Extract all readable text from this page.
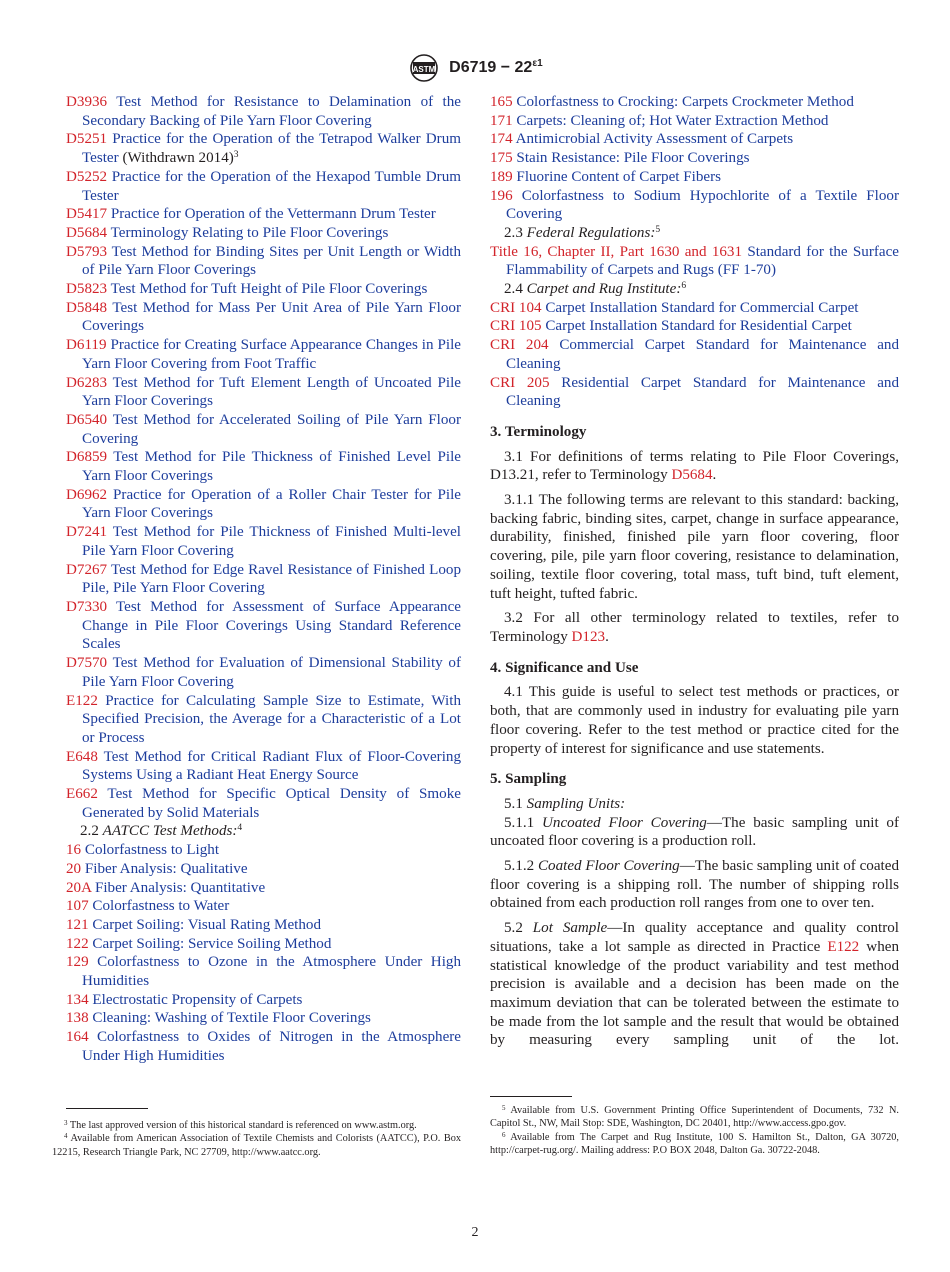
ASTM $D6719 - 22^{\varepsilon 1}$

D3936 Test Method for Resistance to Delamination of the Secondary Backing of Pile Yarn Floor Covering

D5251 Practice for the Operation of the Tetrapod Walker Drum Tester (Withdrawn 2014)$^3$

D5252 Practice for the Operation of the Hexapod Tumble Drum Tester

D5417 Practice for Operation of the Vettermann Drum Tester

D5684 Terminology Relating to Pile Floor Coverings

D5793 Test Method for Binding Sites per Unit Length or Width of Pile Yarn Floor Coverings

D5823 Test Method for Tuft Height of Pile Floor Coverings

D5848 Test Method for Mass Per Unit Area of Pile Yarn Floor Coverings

D6119 Practice for Creating Surface Appearance Changes in Pile Yarn Floor Covering from Foot Traffic

D6283 Test Method for Tuft Element Length of Uncoated Pile Yarn Floor Coverings

D6540 Test Method for Accelerated Soiling of Pile Yarn Floor Covering

D6859 Test Method for Pile Thickness of Finished Level Pile Yarn Floor Coverings

D6962 Practice for Operation of a Roller Chair Tester for Pile Yarn Floor Coverings

D7241 Test Method for Pile Thickness of Finished Multi-level Pile Yarn Floor Covering

D7267 Test Method for Edge Ravel Resistance of Finished Loop Pile, Pile Yarn Floor Covering

D7330 Test Method for Assessment of Surface Appearance Change in Pile Floor Coverings Using Standard Reference Scales

D7570 Test Method for Evaluation of Dimensional Stability of Pile Yarn Floor Covering

E122 Practice for Calculating Sample Size to Estimate, With Specified Precision, the Average for a Characteristic of a Lot or Process

E648 Test Method for Critical Radiant Flux of Floor-Covering Systems Using a Radiant Heat Energy Source

E662 Test Method for Specific Optical Density of Smoke Generated by Solid Materials

2.2 AATCC Test Methods:$^4$

16 Colorfastness to Light

20 Fiber Analysis: Qualitative

20A Fiber Analysis: Quantitative

107 Colorfastness to Water

121 Carpet Soiling: Visual Rating Method

122 Carpet Soiling: Service Soiling Method

129 Colorfastness to Ozone in the Atmosphere Under High Humidities

134 Electrostatic Propensity of Carpets

138 Cleaning: Washing of Textile Floor Coverings

164 Colorfastness to Oxides of Nitrogen in the Atmosphere Under High Humidities

165 Colorfastness to Crocking: Carpets Crockmeter Method

171 Carpets: Cleaning of; Hot Water Extraction Method

174 Antimicrobial Activity Assessment of Carpets

175 Stain Resistance: Pile Floor Coverings

189 Fluorine Content of Carpet Fibers

196 Colorfastness to Sodium Hypochlorite of a Textile Floor Covering

2.3 Federal Regulations:$^5$

Title 16, Chapter II, Part 1630 and 1631 Standard for the Surface Flammability of Carpets and Rugs (FF 1-70)

2.4 Carpet and Rug Institute:$^6$

CRI 104 Carpet Installation Standard for Commercial Carpet

CRI 105 Carpet Installation Standard for Residential Carpet

CRI 204 Commercial Carpet Standard for Maintenance and Cleaning

CRI 205 Residential Carpet Standard for Maintenance and Cleaning

3. Terminology

3.1 For definitions of terms relating to Pile Floor Coverings, D13.21, refer to Terminology D5684.

3.1.1 The following terms are relevant to this standard: backing, backing fabric, binding sites, carpet, change in surface appearance, durability, finished, finished pile yarn floor covering, floor covering, pile, pile yarn floor covering, resistance to delamination, soiling, textile floor covering, total mass, tuft bind, tuft element, tuft height, tufted fabric.

3.2 For all other terminology related to textiles, refer to Terminology D123.

4. Significance and Use

4.1 This guide is useful to select test methods or practices, or both, that are commonly used in industry for evaluating pile yarn floor covering. Refer to the test method or practice cited for the property of interest for significance and use statements.

5. Sampling

5.1 Sampling Units:

5.1.1 Uncoated Floor Covering—The basic sampling unit of uncoated floor covering is a production roll.

5.1.2 Coated Floor Covering—The basic sampling unit of coated floor covering is a shipping roll. The number of shipping rolls obtained from each production roll ranges from one to over ten.

5.2 Lot Sample—In quality acceptance and quality control situations, take a lot sample as directed in Practice E122 when statistical knowledge of the product variability and test method precision is available and a decision has been made on the maximum deviation that can be tolerated between the estimate to be made from the lot sample and the result that would be obtained by measuring every sampling unit of the lot.

$^3$ The last approved version of this historical standard is referenced on www.astm.org.

$^4$ Available from American Association of Textile Chemists and Colorists (AATCC), P.O. Box 12215, Research Triangle Park, NC 27709, http://www.aatcc.org.

$^5$ Available from U.S. Government Printing Office Superintendent of Documents, 732 N. Capitol St., NW, Mail Stop: SDE, Washington, DC 20401, http://www.access.gpo.gov.

$^6$ Available from The Carpet and Rug Institute, 100 S. Hamilton St., Dalton, GA 30720, http://carpet-rug.org/. Mailing address: P.O BOX 2048, Dalton Ga. 30722-2048.

2
